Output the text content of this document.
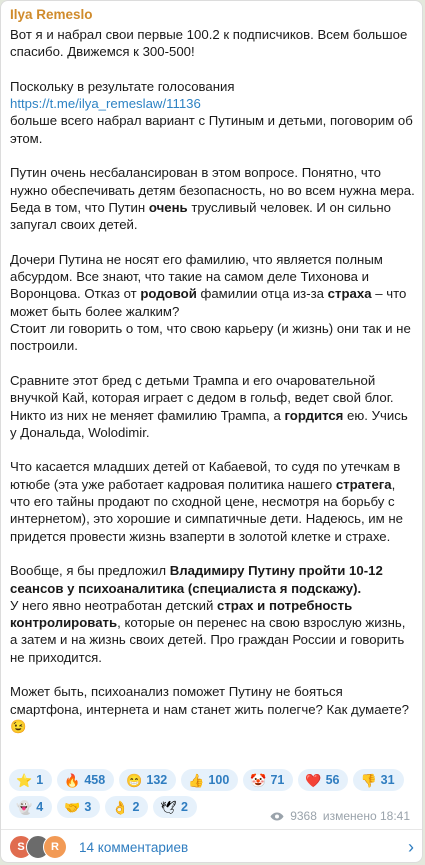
Ilya Remeslo

Вот я и набрал свои первые 100.2 к подписчиков. Всем большое спасибо. Движемся к 300-500!

Поскольку в результате голосования
https://t.me/ilya_remeslaw/11136
больше всего набрал вариант с Путиным и детьми, поговорим об этом.

Путин очень несбалансирован в этом вопросе. Понятно, что нужно обеспечивать детям безопасность, но во всем нужна мера. Беда в том, что Путин очень трусливый человек. И он сильно запугал своих детей.

Дочери Путина не носят его фамилию, что является полным абсурдом. Все знают, что такие на самом деле Тихонова и Воронцова. Отказ от родовой фамилии отца из-за страха – что может быть более жалким?
Стоит ли говорить о том, что свою карьеру (и жизнь) они так и не построили.

Сравните этот бред с детьми Трампа и его очаровательной внучкой Кай, которая играет с дедом в гольф, ведет свой блог. Никто из них не меняет фамилию Трампа, а гордится ею. Учись у Дональда, Wolodimir.

Что касается младших детей от Кабаевой, то судя по утечкам в ютюбе (эта уже работает кадровая политика нашего стратега, что его тайны продают по сходной цене, несмотря на борьбу с интернетом), это хорошие и симпатичные дети. Надеюсь, им не придется провести жизнь взаперти в золотой клетке и страхе.

Вообще, я бы предложил Владимиру Путину пройти 10-12 сеансов у психоаналитика (специалиста я подскажу).
У него явно неотработан детский страх и потребность контролировать, которые он перенес на свою взрослую жизнь, а затем и на жизнь своих детей. Про граждан России и говорить не приходится.

Может быть, психоанализ поможет Путину не бояться смартфона, интернета и нам станет жить полегче? Как думаете?
😉

⭐ 1 🔥 458 😁 132 👍 100 🤡 71 ❤️ 56 👎 31
👻 4 🤝 3 👌 2 🕊 2
9368 изменено 18:41
S	R	14 комментариев	›
